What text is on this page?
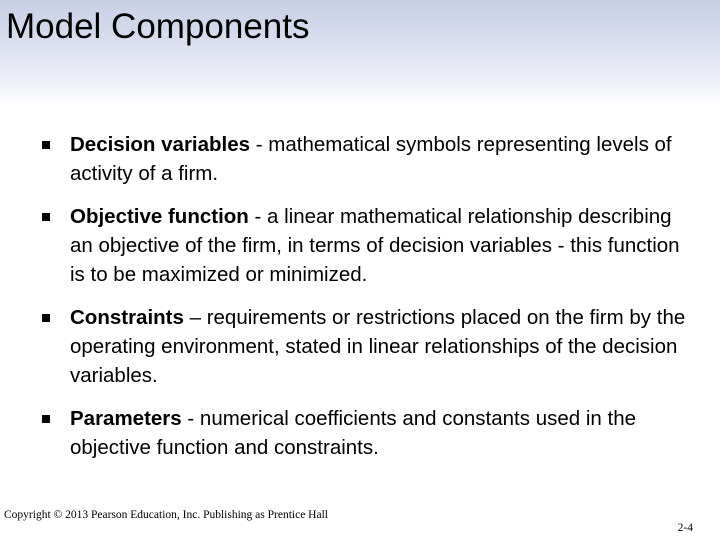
Model Components
Decision variables - mathematical symbols representing levels of activity of a firm.
Objective function - a linear mathematical relationship describing an objective of the firm, in terms of decision variables - this function is to be maximized or minimized.
Constraints – requirements or restrictions placed on the firm by the operating environment, stated in linear relationships of the decision variables.
Parameters - numerical coefficients and constants used in the objective function and constraints.
Copyright © 2013 Pearson Education, Inc. Publishing as Prentice Hall
2-4
